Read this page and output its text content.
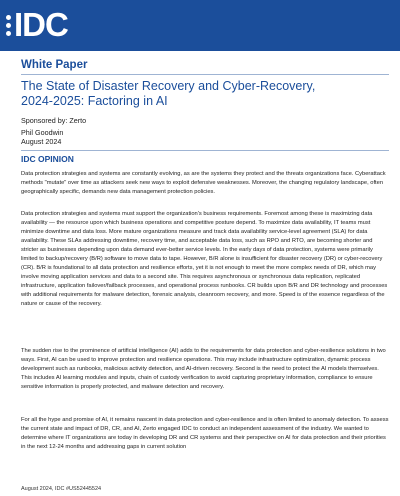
IDC
White Paper
The State of Disaster Recovery and Cyber-Recovery,
2024-2025: Factoring in AI
Sponsored by: Zerto
Phil Goodwin
August 2024
IDC OPINION

Data protection strategies and systems are constantly evolving, as are the systems they protect and the threats organizations face. Cyberattack methods "mutate" over time as attackers seek new ways to exploit defensive weaknesses. Moreover, the changing regulatory landscape, often geographically specific, demands new data management protection policies.

Data protection strategies and systems must support the organization's business requirements. Foremost among these is maximizing data availability — the resource upon which business operations and competitive posture depend. To maximize data availability, IT teams must minimize downtime and data loss. More mature organizations measure and track data availability service-level agreement (SLA) for data availability. These SLAs addressing downtime, recovery time, and acceptable data loss, such as RPO and RTO, are becoming shorter and stricter as businesses depending upon data demand ever-better service levels. In the early days of data protection, systems were primarily limited to backup/recovery (B/R) software to move data to tape. However, B/R alone is insufficient for disaster recovery (DR) or cyber-recovery (CR). B/R is foundational to all data protection and resilience efforts, yet it is not enough to meet the more complex needs of DR, which may involve moving application services and data to a second site. This requires asynchronous or synchronous data replication, replicated infrastructure, application failover/failback processes, and operational process runbooks. CR builds upon B/R and DR technology and processes with additional requirements for malware detection, forensic analysis, cleanroom recovery, and more. Speed is of the essence regardless of the nature or cause of the recovery.

The sudden rise to the prominence of artificial intelligence (AI) adds to the requirements for data protection and cyber-resilience solutions in two ways. First, AI can be used to improve protection and resilience operations. This may include infrastructure optimization, dynamic process development such as runbooks, malicious activity detection, and AI-driven recovery. Second is the need to protect the AI models themselves. This includes AI learning modules and inputs, chain of custody verification to avoid capturing proprietary information, compliance to ensure sensitive information is properly protected, and malware detection and recovery.

For all the hype and promise of AI, it remains nascent in data protection and cyber-resilience and is often limited to anomaly detection. To assess the current state and impact of DR, CR, and AI, Zerto engaged IDC to conduct an independent assessment of the industry. We wanted to determine where IT organizations are today in developing DR and CR systems and their perspective on AI for data protection and their priorities in the next 12-24 months and addressing gaps in current solution

August 2024, IDC #US52445524
